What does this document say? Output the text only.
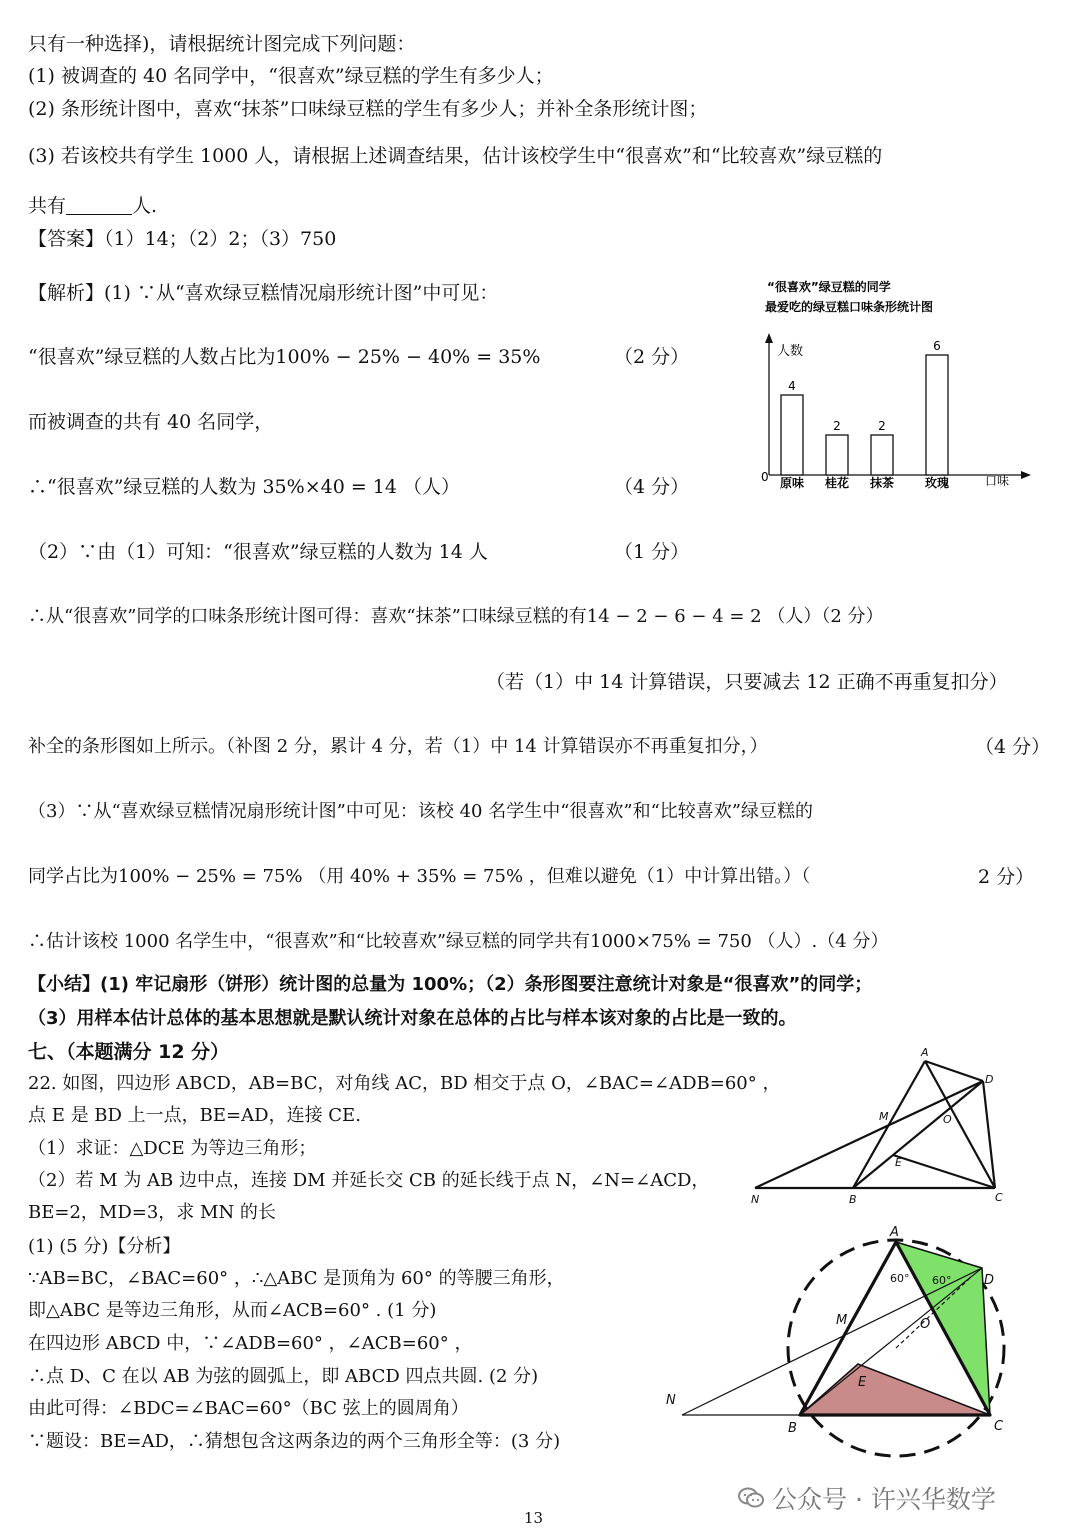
只有一种选择)，请根据统计图完成下列问题：
(1) 被调查的 40 名同学中，“很喜欢”绿豆糕的学生有多少人；
(2) 条形统计图中，喜欢“抹茶”口味绿豆糕的学生有多少人；并补全条形统计图；
(3) 若该校共有学生 1000 人，请根据上述调查结果，估计该校学生中“很喜欢”和“比较喜欢”绿豆糕的
共有	人.
【答案】（1）14；（2）2；（3）750
【解析】(1) ∵从“喜欢绿豆糕情况扇形统计图”中可见：
“很喜欢”绿豆糕的人数占比为100% − 25% − 40% = 35%	（2 分）
而被调查的共有 40 名同学，
∴“很喜欢”绿豆糕的人数为 35%×40 = 14 （人）	（4 分）
（2）∵由（1）可知：“很喜欢”绿豆糕的人数为 14 人	（1 分）
∴从“很喜欢”同学的口味条形统计图可得：喜欢“抹茶”口味绿豆糕的有14 − 2 − 6 − 4 = 2 （人）（2 分）
（若（1）中 14 计算错误，只要减去 12 正确不再重复扣分）
补全的条形图如上所示。（补图 2 分，累计 4 分，若（1）中 14 计算错误亦不再重复扣分，）	（4 分）
（3）∵从“喜欢绿豆糕情况扇形统计图”中可见：该校 40 名学生中“很喜欢”和“比较喜欢”绿豆糕的
同学占比为100% − 25% = 75% （用 40% + 35% = 75% ，但难以避免（1）中计算出错。）（	2 分）
∴估计该校 1000 名学生中，“很喜欢”和“比较喜欢”绿豆糕的同学共有1000×75% = 750 （人）.（4 分）
【小结】(1) 牢记扇形（饼形）统计图的总量为 100%；（2）条形图要注意统计对象是“很喜欢”的同学；
（3）用样本估计总体的基本思想就是默认统计对象在总体的占比与样本该对象的占比是一致的。
七、（本题满分 12 分）
22. 如图，四边形 ABCD，AB=BC，对角线 AC，BD 相交于点 O，∠BAC=∠ADB=60° ，
点 E 是 BD 上一点，BE=AD，连接 CE.
（1）求证：△DCE 为等边三角形；
（2）若 M 为 AB 边中点，连接 DM 并延长交 CB 的延长线于点 N，∠N=∠ACD，
BE=2，MD=3，求 MN 的长
(1) (5 分)【分析】
∵AB=BC，∠BAC=60° ，∴△ABC 是顶角为 60° 的等腰三角形，
即△ABC 是等边三角形，从而∠ACB=60° . (1 分)
在四边形 ABCD 中，∵∠ADB=60° ，∠ACB=60° ，
∴点 D、C 在以 AB 为弦的圆弧上，即 ABCD 四点共圆. (2 分)
由此可得：∠BDC=∠BAC=60°（BC 弦上的圆周角）
∵题设：BE=AD，∴猜想包含这两条边的两个三角形全等：(3 分)
“很喜欢”绿豆糕的同学
最爱吃的绿豆糕口味条形统计图
人数
口味
0
4
原味
2
桂花
2
抹茶
6
玫瑰
A
D
M	O
E
N	B	C
A
D
M	O
E
N
B	C
60° 60°
13
公众号 · 许兴华数学
